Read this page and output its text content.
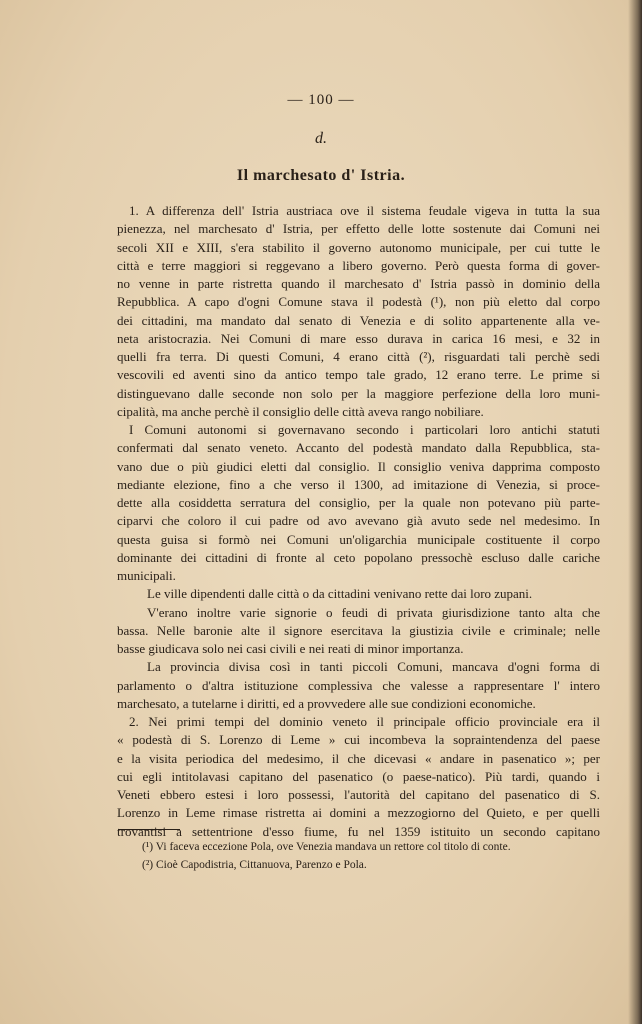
— 100 —
d.
Il marchesato d' Istria.
1. A differenza dell' Istria austriaca ove il sistema feudale vigeva in tutta la sua
pienezza, nel marchesato d' Istria, per effetto delle lotte sostenute dai Comuni nei
secoli XII e XIII, s'era stabilito il governo autonomo municipale, per cui tutte le
città e terre maggiori si reggevano a libero governo. Però questa forma di gover-
no venne in parte ristretta quando il marchesato d' Istria passò in dominio della
Repubblica. A capo d'ogni Comune stava il podestà (¹), non più eletto dal corpo
dei cittadini, ma mandato dal senato di Venezia e di solito appartenente alla ve-
neta aristocrazia. Nei Comuni di mare esso durava in carica 16 mesi, e 32 in
quelli fra terra. Di questi Comuni, 4 erano città (²), risguardati tali perchè sedi
vescovili ed aventi sino da antico tempo tale grado, 12 erano terre. Le prime si
distinguevano dalle seconde non solo per la maggiore perfezione della loro muni-
cipalità, ma anche perchè il consiglio delle città aveva rango nobiliare.
I Comuni autonomi si governavano secondo i particolari loro antichi statuti
confermati dal senato veneto. Accanto del podestà mandato dalla Repubblica, sta-
vano due o più giudici eletti dal consiglio. Il consiglio veniva dapprima composto
mediante elezione, fino a che verso il 1300, ad imitazione di Venezia, si proce-
dette alla cosiddetta serratura del consiglio, per la quale non potevano più parte-
ciparvi che coloro il cui padre od avo avevano già avuto sede nel medesimo. In
questa guisa si formò nei Comuni un'oligarchia municipale costituente il corpo
dominante dei cittadini di fronte al ceto popolano pressochè escluso dalle cariche
municipali.
Le ville dipendenti dalle città o da cittadini venivano rette dai loro zupani.
V'erano inoltre varie signorie o feudi di privata giurisdizione tanto alta che
bassa. Nelle baronie alte il signore esercitava la giustizia civile e criminale; nelle
basse giudicava solo nei casi civili e nei reati di minor importanza.
La provincia divisa così in tanti piccoli Comuni, mancava d'ogni forma di
parlamento o d'altra istituzione complessiva che valesse a rappresentare l' intero
marchesato, a tutelarne i diritti, ed a provvedere alle sue condizioni economiche.
2. Nei primi tempi del dominio veneto il principale officio provinciale era il
« podestà di S. Lorenzo di Leme » cui incombeva la sopraintendenza del paese
e la visita periodica del medesimo, il che dicevasi « andare in pasenatico »; per
cui egli intitolavasi capitano del pasenatico (o paese-natico). Più tardi, quando i
Veneti ebbero estesi i loro possessi, l'autorità del capitano del pasenatico di S.
Lorenzo in Leme rimase ristretta ai domini a mezzogiorno del Quieto, e per quelli
trovantisi a settentrione d'esso fiume, fu nel 1359 istituito un secondo capitano
(¹) Vi faceva eccezione Pola, ove Venezia mandava un rettore col titolo di conte.
(²) Cioè Capodistria, Cittanuova, Parenzo e Pola.
